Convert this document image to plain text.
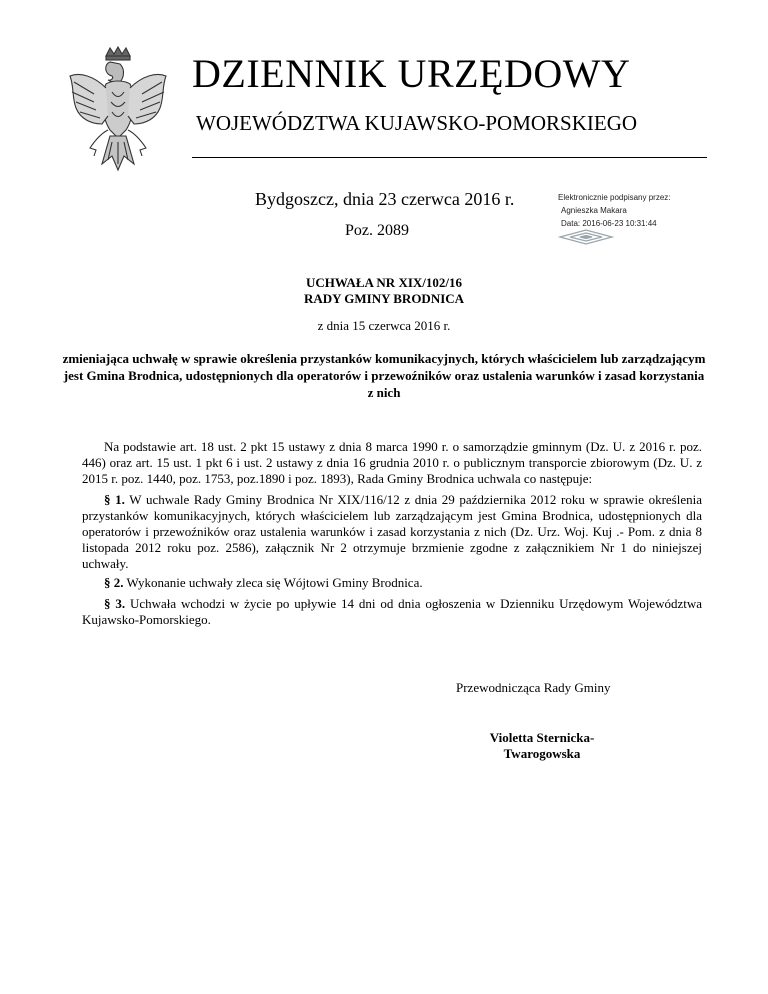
DZIENNIK URZĘDOWY
WOJEWÓDZTWA KUJAWSKO-POMORSKIEGO
Bydgoszcz, dnia 23 czerwca 2016 r.
Poz. 2089
Elektronicznie podpisany przez:
Agnieszka Makara
Data: 2016-06-23 10:31:44
UCHWAŁA NR XIX/102/16
RADY GMINY BRODNICA
z dnia 15 czerwca 2016 r.
zmieniająca uchwałę w sprawie określenia przystanków komunikacyjnych, których właścicielem lub zarządzającym jest Gmina Brodnica, udostępnionych dla operatorów i przewoźników oraz ustalenia warunków i zasad korzystania z nich
Na podstawie art. 18 ust. 2 pkt 15 ustawy z dnia 8 marca 1990 r. o samorządzie gminnym (Dz. U. z 2016 r. poz. 446) oraz art. 15 ust. 1 pkt 6 i ust. 2 ustawy z dnia 16 grudnia 2010 r. o publicznym transporcie zbiorowym (Dz. U. z 2015 r. poz. 1440, poz. 1753, poz.1890 i poz. 1893), Rada Gminy Brodnica uchwala co następuje:
§ 1. W uchwale Rady Gminy Brodnica Nr XIX/116/12 z dnia 29 października 2012 roku w sprawie określenia przystanków komunikacyjnych, których właścicielem lub zarządzającym jest Gmina Brodnica, udostępnionych dla operatorów i przewoźników oraz ustalenia warunków i zasad korzystania z nich (Dz. Urz. Woj. Kuj .- Pom. z dnia 8 listopada 2012 roku poz. 2586), załącznik Nr 2 otrzymuje brzmienie zgodne z załącznikiem Nr 1 do niniejszej uchwały.
§ 2. Wykonanie uchwały zleca się Wójtowi Gminy Brodnica.
§ 3. Uchwała wchodzi w życie po upływie 14 dni od dnia ogłoszenia w Dzienniku Urzędowym Województwa Kujawsko-Pomorskiego.
Przewodnicząca Rady Gminy
Violetta Sternicka-
Twarogowska
